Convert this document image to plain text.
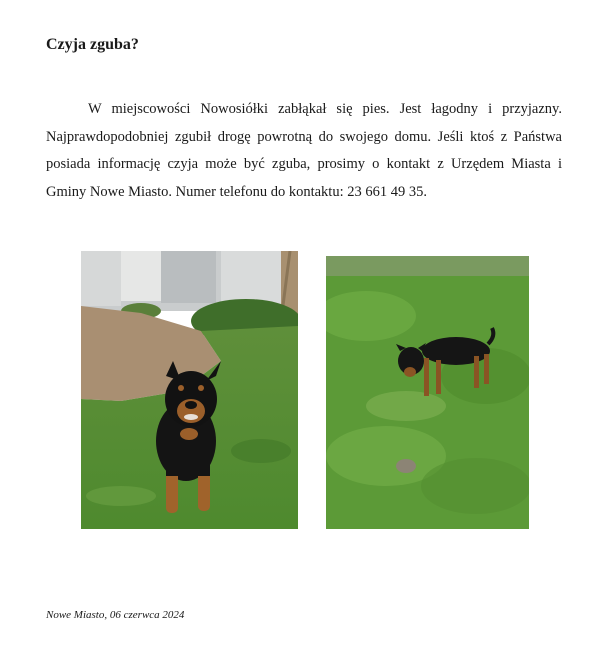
Czyja zguba?

W miejscowości Nowosiółki zabłąkał się pies. Jest łagodny i przyjazny. Najprawdopodobniej zgubił drogę powrotną do swojego domu. Jeśli ktoś z Państwa posiada informację czyja może być zguba, prosimy o kontakt z Urzędem Miasta i Gminy Nowe Miasto. Numer telefonu do kontaktu: 23 661 49 35.

Nowe Miasto, 06 czerwca 2024
